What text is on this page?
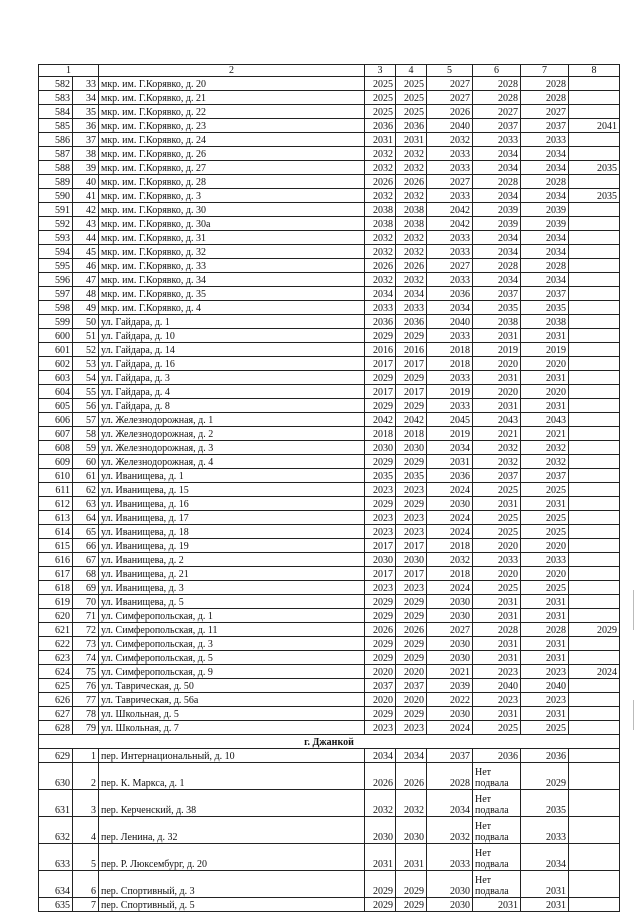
1		2	3	4	5	6	7	8
582	33	мкр. им. Г.Корявко, д. 20	2025	2025	2027	2028	2028	
583	34	мкр. им. Г.Корявко, д. 21	2025	2025	2027	2028	2028	
584	35	мкр. им. Г.Корявко, д. 22	2025	2025	2026	2027	2027	
585	36	мкр. им. Г.Корявко, д. 23	2036	2036	2040	2037	2037	2041
586	37	мкр. им. Г.Корявко, д. 24	2031	2031	2032	2033	2033	
587	38	мкр. им. Г.Корявко, д. 26	2032	2032	2033	2034	2034	
588	39	мкр. им. Г.Корявко, д. 27	2032	2032	2033	2034	2034	2035
589	40	мкр. им. Г.Корявко, д. 28	2026	2026	2027	2028	2028	
590	41	мкр. им. Г.Корявко, д. 3	2032	2032	2033	2034	2034	2035
591	42	мкр. им. Г.Корявко, д. 30	2038	2038	2042	2039	2039	
592	43	мкр. им. Г.Корявко, д. 30а	2038	2038	2042	2039	2039	
593	44	мкр. им. Г.Корявко, д. 31	2032	2032	2033	2034	2034	
594	45	мкр. им. Г.Корявко, д. 32	2032	2032	2033	2034	2034	
595	46	мкр. им. Г.Корявко, д. 33	2026	2026	2027	2028	2028	
596	47	мкр. им. Г.Корявко, д. 34	2032	2032	2033	2034	2034	
597	48	мкр. им. Г.Корявко, д. 35	2034	2034	2036	2037	2037	
598	49	мкр. им. Г.Корявко, д. 4	2033	2033	2034	2035	2035	
599	50	ул. Гайдара, д. 1	2036	2036	2040	2038	2038	
600	51	ул. Гайдара, д. 10	2029	2029	2033	2031	2031	
601	52	ул. Гайдара, д. 14	2016	2016	2018	2019	2019	
602	53	ул. Гайдара, д. 16	2017	2017	2018	2020	2020	
603	54	ул. Гайдара, д. 3	2029	2029	2033	2031	2031	
604	55	ул. Гайдара, д. 4	2017	2017	2019	2020	2020	
605	56	ул. Гайдара, д. 8	2029	2029	2033	2031	2031	
606	57	ул. Железнодорожная, д. 1	2042	2042	2045	2043	2043	
607	58	ул. Железнодорожная, д. 2	2018	2018	2019	2021	2021	
608	59	ул. Железнодорожная, д. 3	2030	2030	2034	2032	2032	
609	60	ул. Железнодорожная, д. 4	2029	2029	2031	2032	2032	
610	61	ул. Иванищева, д. 1	2035	2035	2036	2037	2037	
611	62	ул. Иванищева, д. 15	2023	2023	2024	2025	2025	
612	63	ул. Иванищева, д. 16	2029	2029	2030	2031	2031	
613	64	ул. Иванищева, д. 17	2023	2023	2024	2025	2025	
614	65	ул. Иванищева, д. 18	2023	2023	2024	2025	2025	
615	66	ул. Иванищева, д. 19	2017	2017	2018	2020	2020	
616	67	ул. Иванищева, д. 2	2030	2030	2032	2033	2033	
617	68	ул. Иванищева, д. 21	2017	2017	2018	2020	2020	
618	69	ул. Иванищева, д. 3	2023	2023	2024	2025	2025	
619	70	ул. Иванищева, д. 5	2029	2029	2030	2031	2031	
620	71	ул. Симферопольская, д. 1	2029	2029	2030	2031	2031	
621	72	ул. Симферопольская, д. 11	2026	2026	2027	2028	2028	2029
622	73	ул. Симферопольская, д. 3	2029	2029	2030	2031	2031	
623	74	ул. Симферопольская, д. 5	2029	2029	2030	2031	2031	
624	75	ул. Симферопольская, д. 9	2020	2020	2021	2023	2023	2024
625	76	ул. Таврическая, д. 50	2037	2037	2039	2040	2040	
626	77	ул. Таврическая, д. 56а	2020	2020	2022	2023	2023	
627	78	ул. Школьная, д. 5	2029	2029	2030	2031	2031	
628	79	ул. Школьная, д. 7	2023	2023	2024	2025	2025	
г. Джанкой								
629	1	пер. Интернациональный, д. 10	2034	2034	2037	2036	2036	
630	2	пер. К. Маркса, д. 1	2026	2026	2028	Нет подвала	2029	
631	3	пер. Керченский, д. 38	2032	2032	2034	Нет подвала	2035	
632	4	пер. Ленина, д. 32	2030	2030	2032	Нет подвала	2033	
633	5	пер. Р. Люксембург, д. 20	2031	2031	2033	Нет подвала	2034	
634	6	пер. Спортивный, д. 3	2029	2029	2030	Нет подвала	2031	
635	7	пер. Спортивный, д. 5	2029	2029	2030	2031	2031	
